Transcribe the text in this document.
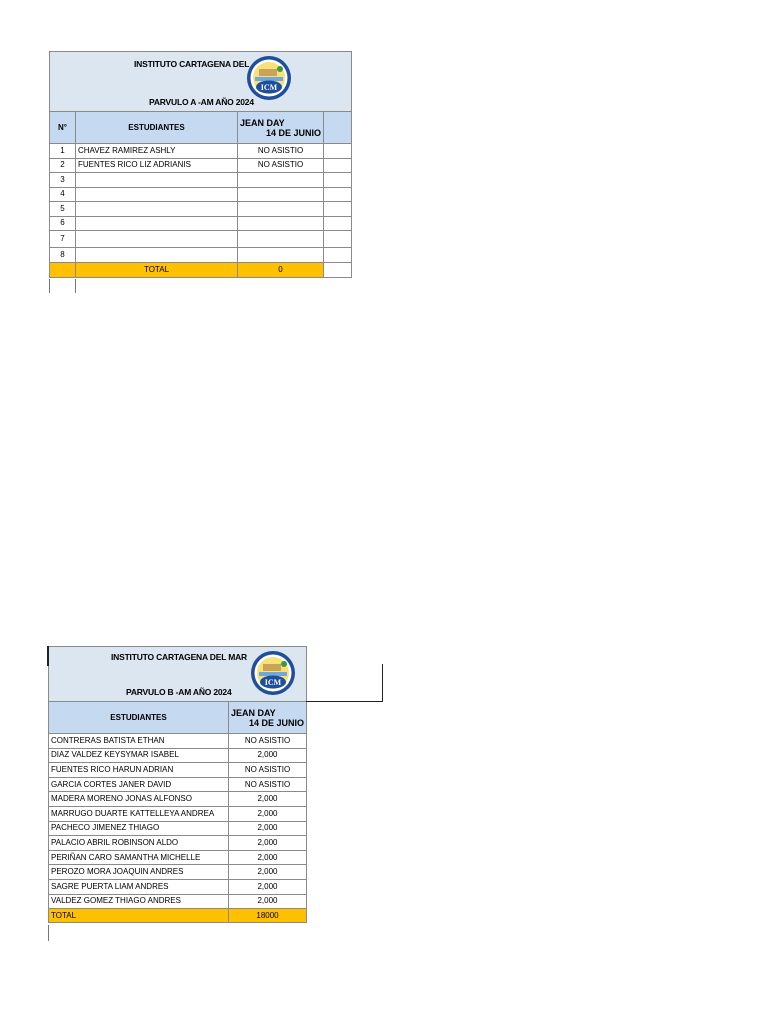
N°	ESTUDIANTES	JEAN DAY
14 DE JUNIO	

1	CHAVEZ RAMIREZ ASHLY	NO ASISTIO	
2	FUENTES RICO LIZ ADRIANIS	NO ASISTIO	
3			
4			
5			
6			
7			
8			
	TOTAL	0	
INSTITUTO CARTAGENA DEL
PARVULO A -AM AÑO 2024
ICM

ESTUDIANTES	JEAN DAY
14 DE JUNIO

CONTRERAS BATISTA ETHAN	NO ASISTIO
DIAZ VALDEZ KEYSYMAR ISABEL	2,000
FUENTES RICO HARUN ADRIAN	NO ASISTIO
GARCIA CORTES JANER DAVID	NO ASISTIO
MADERA MORENO JONAS ALFONSO	2,000
MARRUGO DUARTE KATTELLEYA ANDREA	2,000
PACHECO JIMENEZ THIAGO	2,000
PALACIO ABRIL ROBINSON ALDO	2,000
PERIÑAN CARO SAMANTHA MICHELLE	2,000
PEROZO MORA JOAQUIN ANDRES	2,000
SAGRE PUERTA LIAM ANDRES	2,000
VALDEZ GOMEZ THIAGO ANDRES	2,000
TOTAL	18000
INSTITUTO CARTAGENA DEL MAR
PARVULO B -AM AÑO 2024
ICM
